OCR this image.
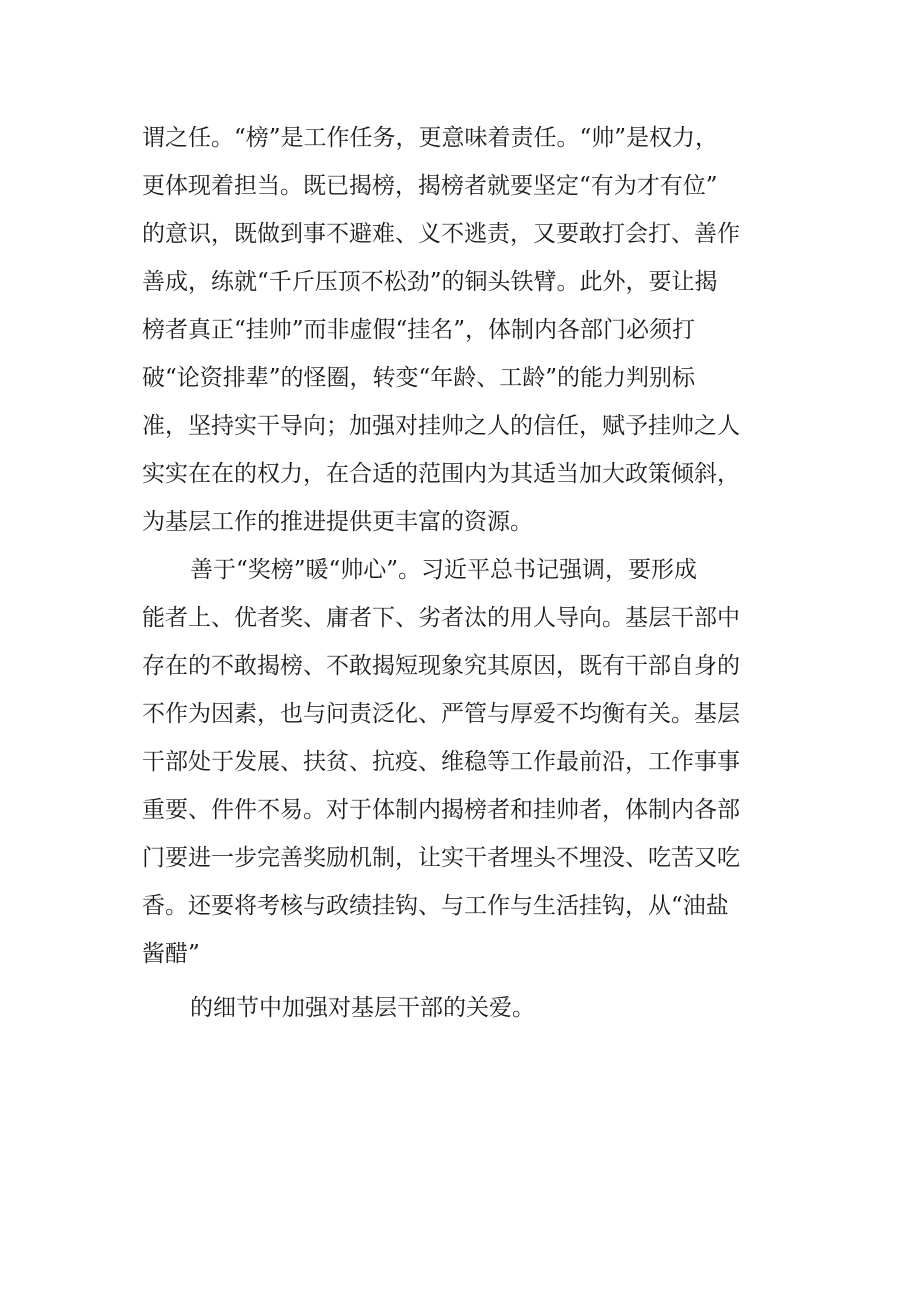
谓之任。“榜”是工作任务，更意味着责任。“帅”是权力，
更体现着担当。既已揭榜，揭榜者就要坚定“有为才有位”
的意识，既做到事不避难、义不逃责，又要敢打会打、善作
善成，练就“千斤压顶不松劲”的铜头铁臂。此外，要让揭
榜者真正“挂帅”而非虚假“挂名”，体制内各部门必须打
破“论资排辈”的怪圈，转变“年龄、工龄”的能力判别标
准，坚持实干导向；加强对挂帅之人的信任，赋予挂帅之人
实实在在的权力，在合适的范围内为其适当加大政策倾斜，
为基层工作的推进提供更丰富的资源。
善于“奖榜”暖“帅心”。习近平总书记强调，要形成
能者上、优者奖、庸者下、劣者汰的用人导向。基层干部中
存在的不敢揭榜、不敢揭短现象究其原因，既有干部自身的
不作为因素，也与问责泛化、严管与厚爱不均衡有关。基层
干部处于发展、扶贫、抗疫、维稳等工作最前沿，工作事事
重要、件件不易。对于体制内揭榜者和挂帅者，体制内各部
门要进一步完善奖励机制，让实干者埋头不埋没、吃苦又吃
香。还要将考核与政绩挂钩、与工作与生活挂钩，从“油盐
酱醋”
的细节中加强对基层干部的关爱。
